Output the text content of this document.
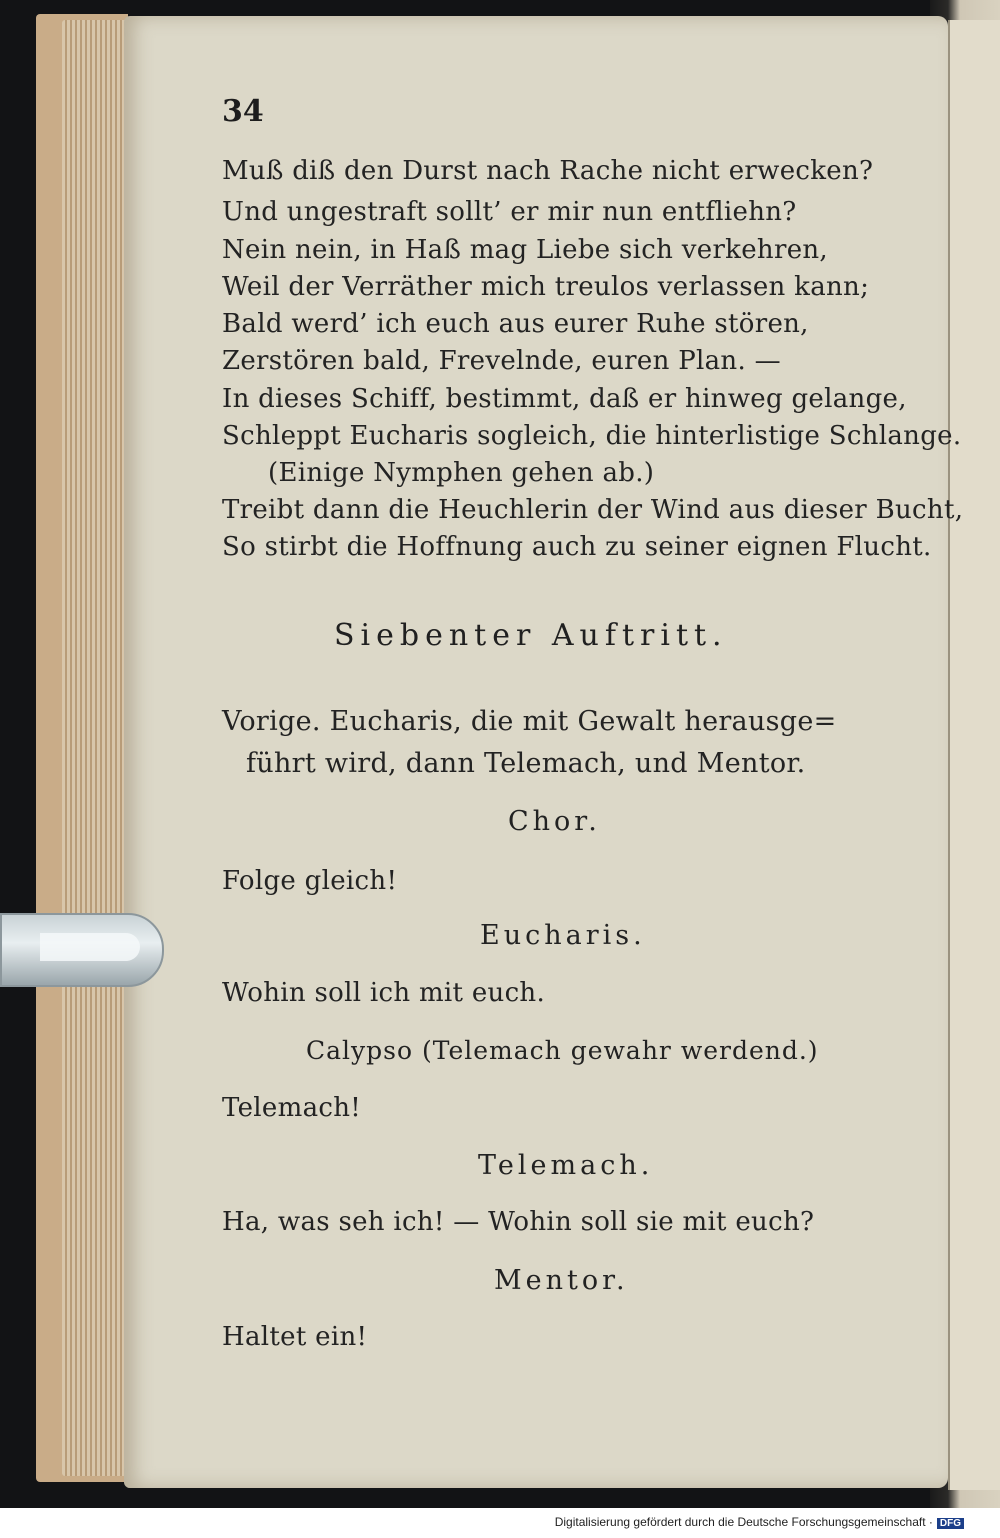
34
Muß diß den Durst nach Rache nicht erwecken?
Und ungestraft sollt’ er mir nun entfliehn?
Nein nein, in Haß mag Liebe sich verkehren,
Weil der Verräther mich treulos verlassen kann;
Bald werd’ ich euch aus eurer Ruhe stören,
Zerstören bald, Frevelnde, euren Plan. —
In dieses Schiff, bestimmt, daß er hinweg gelange,
Schleppt Eucharis sogleich, die hinterlistige Schlange.
(Einige Nymphen gehen ab.)
Treibt dann die Heuchlerin der Wind aus dieser Bucht,
So stirbt die Hoffnung auch zu seiner eignen Flucht.
Siebenter Auftritt.
Vorige. Eucharis, die mit Gewalt herausge=
führt wird, dann Telemach, und Mentor.
Chor.
Folge gleich!
Eucharis.
Wohin soll ich mit euch.
Calypso (Telemach gewahr werdend.)
Telemach!
Telemach.
Ha, was seh ich! — Wohin soll sie mit euch?
Mentor.
Haltet ein!
Digitalisierung gefördert durch die Deutsche Forschungsgemeinschaft · DFG
